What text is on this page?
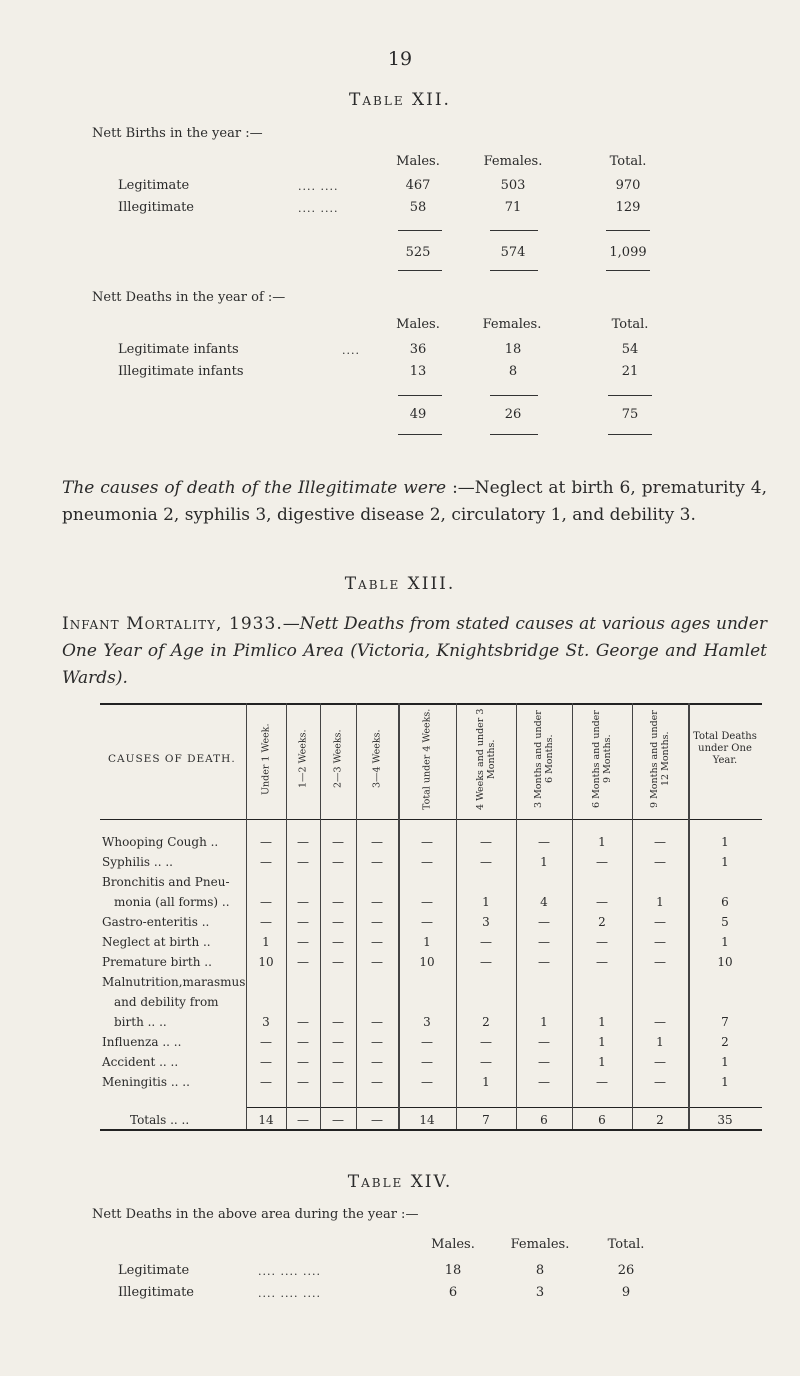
19
Table XII.
Nett Births in the year :—
Males.	Females.	Total.
Legitimate	.... ....	467	503	970
Illegitimate	.... ....	58	71	129
525	574	1,099
Nett Deaths in the year of :—
Males.	Females.	Total.
Legitimate infants	....	36	18	54
Illegitimate infants	13	8	21
49	26	75
The causes of death of the Illegitimate were :—Neglect at birth 6, prematurity 4, pneumonia 2, syphilis 3, digestive disease 2, circulatory 1, and debility 3.
Table XIII.
Infant Mortality, 1933.—Nett Deaths from stated causes at various ages under One Year of Age in Pimlico Area (Victoria, Knightsbridge St. George and Hamlet Wards).
CAUSES OF DEATH.	Under 1 Week.	1—2 Weeks.	2—3 Weeks.	3—4 Weeks.	Total under 4 Weeks.	4 Weeks and under 3 Months.	3 Months and under 6 Months.	6 Months and under 9 Months.	9 Months and under 12 Months.	Total Deaths under One Year.
Whooping Cough ..	—	—	—	—	—	—	—	1	—	1
Syphilis .. ..	—	—	—	—	—	—	1	—	—	1
Bronchitis and Pneu-
monia (all forms) ..	—	—	—	—	—	1	4	—	1	6
Gastro-enteritis ..	—	—	—	—	—	3	—	2	—	5
Neglect at birth ..	1	—	—	—	1	—	—	—	—	1
Premature birth ..	10	—	—	—	10	—	—	—	—	10
Malnutrition,marasmus
and debility from
birth .. ..	3	—	—	—	3	2	1	1	—	7
Influenza .. ..	—	—	—	—	—	—	—	1	1	2
Accident .. ..	—	—	—	—	—	—	—	1	—	1
Meningitis .. ..	—	—	—	—	—	1	—	—	—	1
Totals .. ..	14	—	—	—	14	7	6	6	2	35
Table XIV.
Nett Deaths in the above area during the year :—
Males.	Females.	Total.
Legitimate	.... .... ....	18	8	26
Illegitimate	.... .... ....	6	3	9
